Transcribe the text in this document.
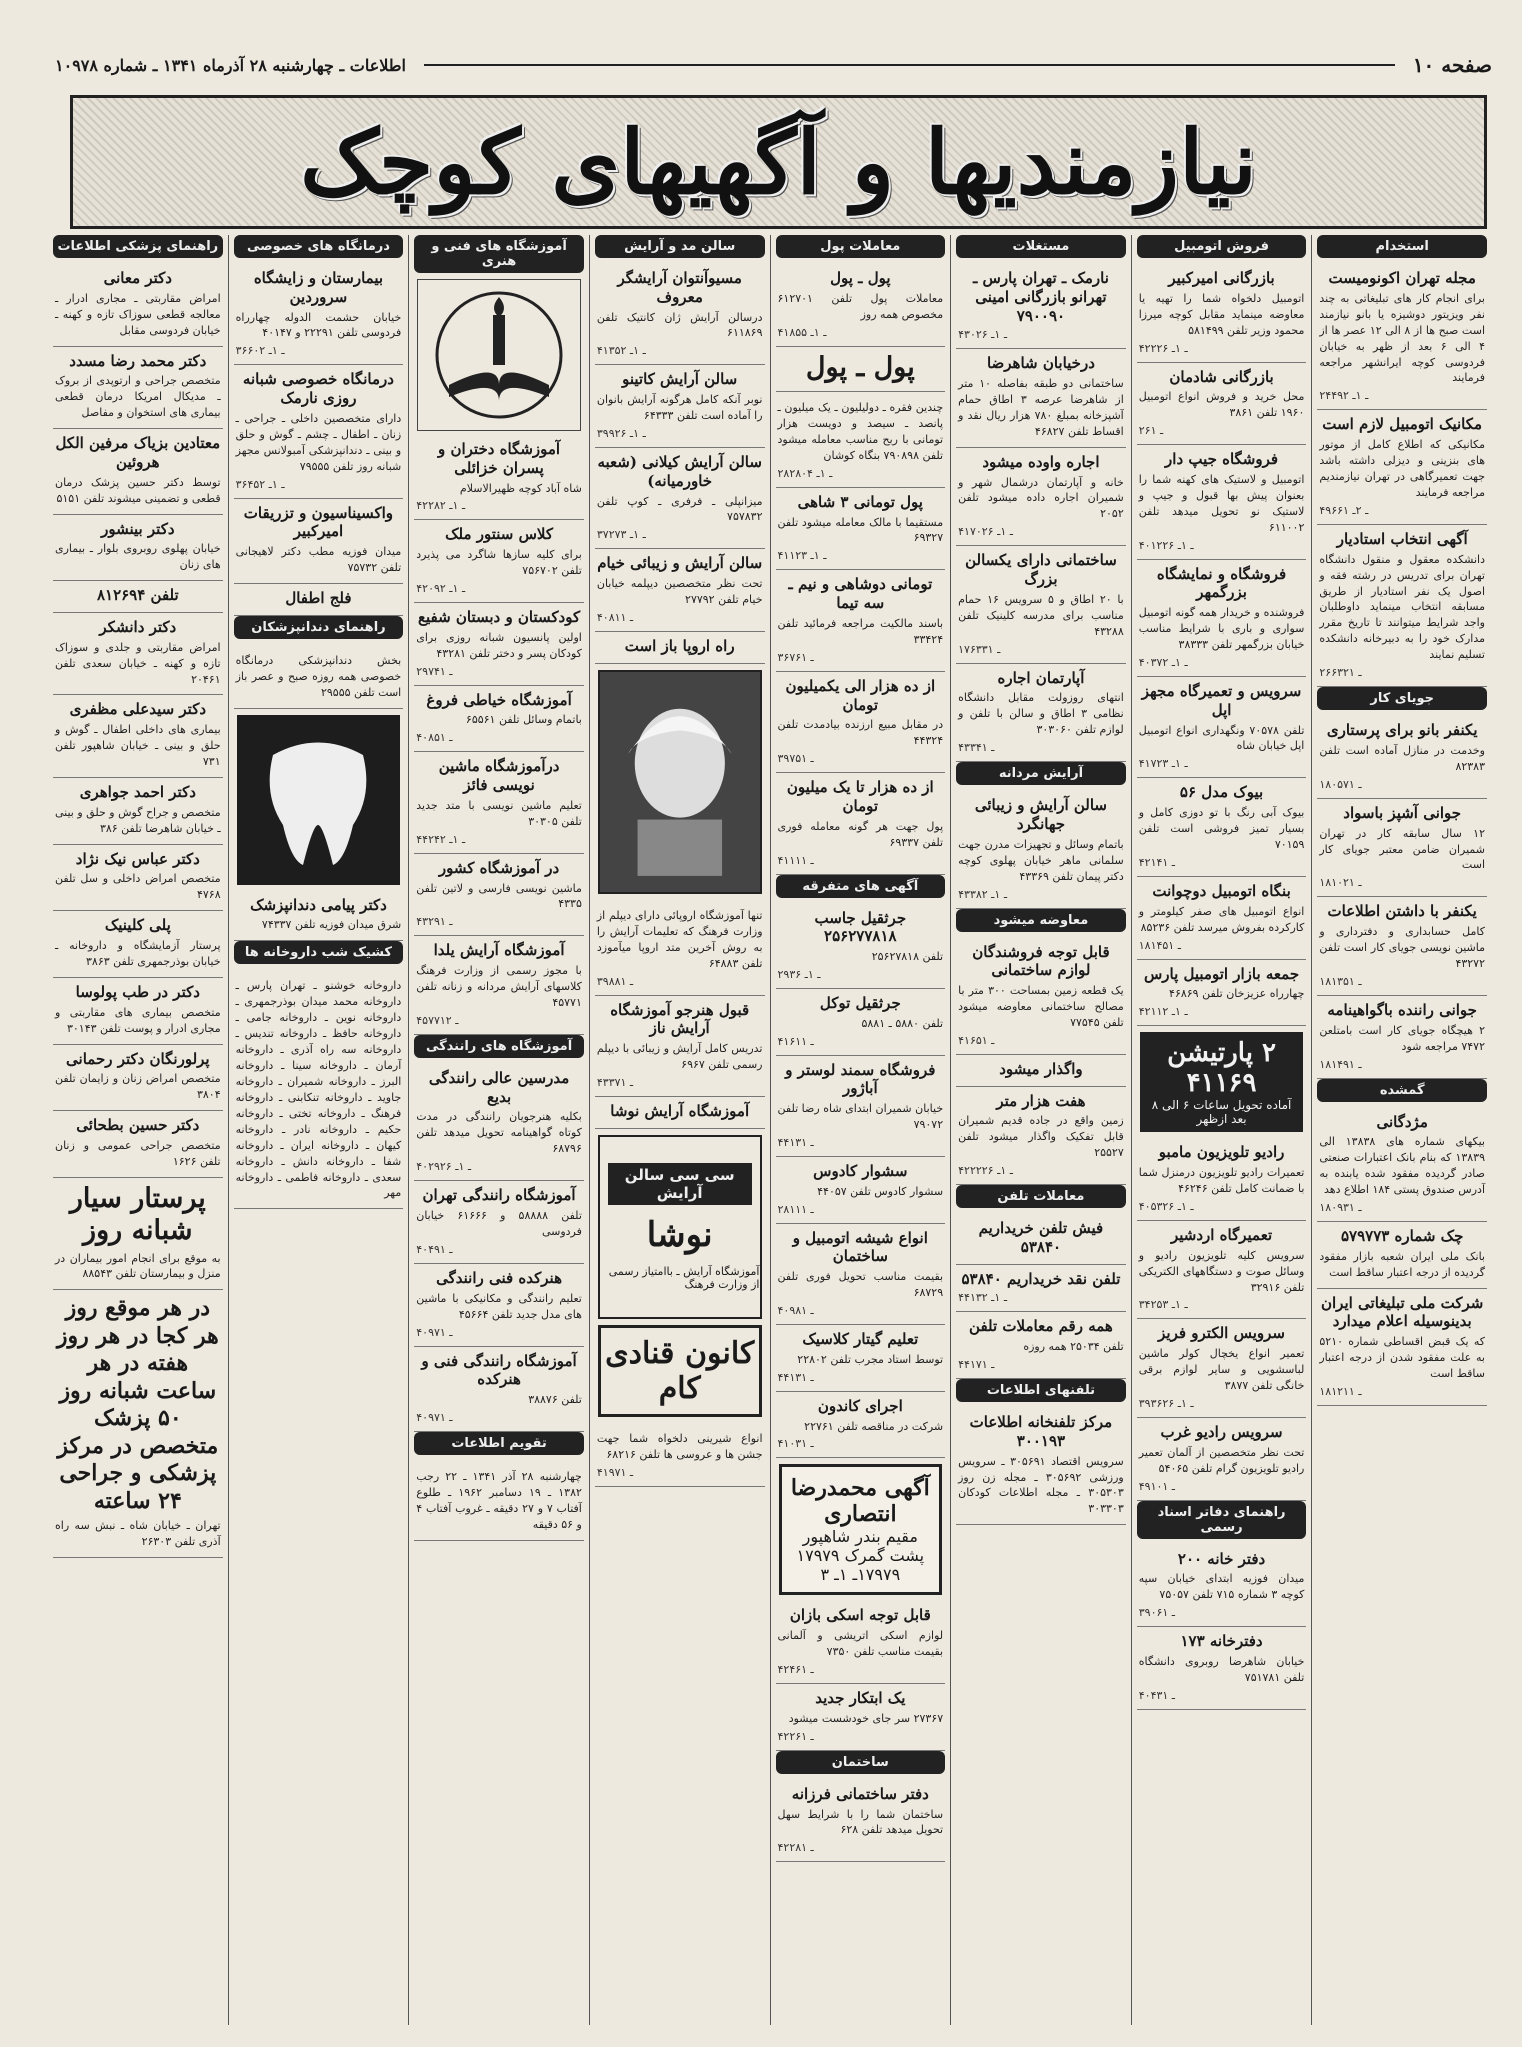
صفحه ۱۰
اطلاعات ـ چهارشنبه ۲۸ آذرماه ۱۳۴۱ ـ شماره ۱۰۹۷۸
نیازمندیها و آگهیهای کوچک
استخدام
مجله تهران اکونومیست
برای انجام کار های تبلیغاتی به چند نفر ویزیتور دوشیزه یا بانو نیازمند است صبح ها از ۸ الی ۱۲ عصر ها از ۴ الی ۶ بعد از ظهر به خیابان فردوسی کوچه ایرانشهر مراجعه فرمایند
۲۴۴۹ـ ۱ـ ۲
مکانیک اتومبیل لازم است
مکانیکی که اطلاع کامل از موتور های بنزینی و دیزلی داشته باشد جهت تعمیرگاهی در تهران نیازمندیم مراجعه فرمایند
۴۹۶۶ـ ۲ـ ۱
آگهی انتخاب استادیار
دانشکده معقول و منقول دانشگاه تهران برای تدریس در رشته فقه و اصول یک نفر استادیار از طریق مسابقه انتخاب مینماید داوطلبان واجد شرایط میتوانند تا تاریخ مقرر مدارک خود را به دبیرخانه دانشکده تسلیم نمایند
۲۶۶۳۲ـ ۱
جویای کار
یکنفر بانو برای پرستاری
وخدمت در منازل آماده است تلفن ۸۲۳۸۳
۱۸۰۵۷ـ ۱
جوانی آشپز باسواد
۱۲ سال سابقه کار در تهران شمیران ضامن معتبر جویای کار است
۱۸۱۰۲ـ ۱
یکنفر با داشتن اطلاعات
کامل حسابداری و دفترداری و ماشین نویسی جویای کار است تلفن ۴۳۲۷۲
۱۸۱۳۵ـ ۱
جوانی راننده باگواهینامه
۲ هیچگاه جویای کار است بامتلعن ۷۴۷۲ مراجعه شود
۱۸۱۴۹ـ ۱
گمشده
مژدگانی
بیکهای شماره های ۱۳۸۳۸ الی ۱۳۸۳۹ که بنام بانک اعتبارات صنعتی صادر گردیده مفقود شده یابنده به آدرس صندوق پستی ۱۸۴ اطلاع دهد
۱۸۰۹۳ـ ۱
چک شماره ۵۷۹۷۷۳
بانک ملی ایران شعبه بازار مفقود گردیده از درجه اعتبار ساقط است
شرکت ملی تبلیغاتی ایران بدینوسیله اعلام میدارد
که یک قبض اقساطی شماره ۵۲۱۰ به علت مفقود شدن از درجه اعتبار ساقط است
۱۸۱۲۱ـ ۱
فروش اتومبیل
بازرگانی امیرکبیر
اتومبیل دلخواه شما را تهیه یا معاوضه مینماید مقابل کوچه میرزا محمود وزیر تلفن ۵۸۱۴۹۹
۴۲۲ـ ۱ـ ۲۶
بازرگانی شادمان
محل خرید و فروش انواع اتومبیل ۱۹۶۰ تلفن ۳۸۶۱
۲۶ـ ۱
فروشگاه جیپ دار
اتومبیل و لاستیک های کهنه شما را بعنوان پیش بها قبول و جیپ و لاستیک نو تحویل میدهد تلفن ۶۱۱۰۰۲
۴۰۱۲ـ ۱ـ ۲۶
فروشگاه و نمایشگاه بزرگمهر
فروشنده و خریدار همه گونه اتومبیل سواری و باری با شرایط مناسب خیابان بزرگمهر تلفن ۳۸۳۳۳
۴۰۳۷ـ ۱ـ ۲
سرویس و تعمیرگاه مجهز اپل
تلفن ۷۰۵۷۸ ونگهداری انواع اتومبیل اپل خیابان شاه
۴۱۷۲ـ ۱ـ ۳
بیوک مدل ۵۶
بیوک آبی رنگ با تو دوزی کامل و بسیار تمیز فروشی است تلفن ۷۰۱۵۹
۴۲۱۴ـ ۱
بنگاه اتومبیل دوچوانت
انواع اتومبیل های صفر کیلومتر و کارکرده بفروش میرسد تلفن ۸۵۲۳۶
۱۸۱۴۵ـ ۱
جمعه بازار اتومبیل پارس
چهارراه عزیزخان تلفن ۴۶۸۶۹
۴۲۱۱ـ ۱ـ ۲
۲ پارتیشن ۴۱۱۶۹
آماده تحویل ساعات ۶ الی ۸ بعد ازظهر
رادیو تلویزیون مامبو
تعمیرات رادیو تلویزیون درمنزل شما با ضمانت کامل تلفن ۴۶۲۴۶
۴۰۵۳ـ ۱ـ ۲۶
تعمیرگاه اردشیر
سرویس کلیه تلویزیون رادیو و وسائل صوت و دستگاههای الکتریکی تلفن ۳۲۹۱۶
۳۴۲۵ـ ۱ـ ۳
سرویس الکترو فریز
تعمیر انواع یخچال کولر ماشین لباسشویی و سایر لوازم برقی خانگی تلفن ۳۸۷۷
۳۹۳۶ـ ۱ـ ۲۶
سرویس رادیو غرب
تحت نظر متخصصین از آلمان تعمیر رادیو تلویزیون گرام تلفن ۵۴۰۶۵
۴۹۱۰ـ ۱
راهنمای دفاتر اسناد رسمی
دفتر خانه ۲۰۰
میدان فوزیه ابتدای خیابان سپه کوچه ۳ شماره ۷۱۵ تلفن ۷۵۰۵۷
۳۹۰۶ـ ۱
دفترخانه ۱۷۳
خیابان شاهرضا روبروی دانشگاه تلفن ۷۵۱۷۸۱
۴۰۴۳ـ ۱
مستغلات
نارمک ـ تهران پارس ـ تهرانو بازرگانی امینی ۷۹۰۰۹۰
۴۳۰ـ ۱ـ ۲۶
درخیابان شاهرضا
ساختمانی دو طبقه بفاصله ۱۰ متر از شاهرضا عرصه ۳ اطاق حمام آشپزخانه بمبلغ ۷۸۰ هزار ریال نقد و اقساط تلفن ۴۶۸۲۷
اجاره واوده میشود
خانه و آپارتمان درشمال شهر و شمیران اجاره داده میشود تلفن ۲۰۵۲
۴۱۷۰ـ ۱ـ ۲۶
ساختمانی دارای یکسالن بزرگ
با ۲۰ اطاق و ۵ سرویس ۱۶ حمام مناسب برای مدرسه کلینیک تلفن ۴۳۲۸۸
۱۷۶۳۳ـ ۱
آپارتمان اجاره
انتهای روزولت مقابل دانشگاه نظامی ۳ اطاق و سالن با تلفن و لوازم تلفن ۳۰۳۰۶۰
۴۳۳۴ـ ۱
آرایش مردانه
سالن آرایش و زیبائی جهانگرد
باتمام وسائل و تجهیزات مدرن جهت سلمانی ماهر خیابان پهلوی کوچه دکتر پیمان تلفن ۴۳۳۶۹
۴۳۳۸ـ ۱ـ ۲
معاوضه میشود
قابل توجه فروشندگان لوازم ساختمانی
یک قطعه زمین بمساحت ۳۰۰ متر با مصالح ساختمانی معاوضه میشود تلفن ۷۷۵۴۵
۴۱۶۵ـ ۱
واگذار میشود
هفت هزار متر
زمین واقع در جاده قدیم شمیران قابل تفکیک واگذار میشود تلفن ۲۵۵۲۷
۴۲۲۲ـ ۱ـ ۲۶
معاملات تلفن
فیش تلفن خریداریم ۵۳۸۴۰
تلفن نقد خریداریم ۵۳۸۴۰
۴۴۱۳ـ ۱ـ ۲
همه رقم معاملات تلفن
تلفن ۲۵۰۳۴ همه روزه
۴۴۱۷ـ ۱
تلفنهای اطلاعات
مرکز تلفنخانه اطلاعات ۳۰۰۱۹۳
سرویس اقتصاد ۳۰۵۶۹۱ ـ سرویس ورزشی ۳۰۵۶۹۲ ـ مجله زن روز ۳۰۵۳۰۳ ـ مجله اطلاعات کودکان ۳۰۳۳۰۳
معاملات پول
پول ـ پول
معاملات پول تلفن ۶۱۲۷۰۱ مخصوص همه روز
۴۱۸۵ـ ۱ـ ۵
پول ـ پول
چندین فقره ـ دولیلیون ـ یک میلیون ـ پانصد ـ سیصد و دویست هزار تومانی با ربح مناسب معامله میشود تلفن ۷۹۰۸۹۸ بنگاه کوشان
۲۸۲۸۰ـ ۱ـ ۴
پول تومانی ۳ شاهی
مستقیما با مالک معامله میشود تلفن ۶۹۳۲۷
۴۱۱۲ـ ۱ـ ۳
تومانی دوشاهی و نیم ـ سه تیما
باسند مالکیت مراجعه فرمائید تلفن ۳۳۴۲۴
۳۶۷۶ـ ۱
از ده هزار الی یکمیلیون تومان
در مقابل مبیع ارزنده بیادمدت تلفن ۴۴۳۲۴
۳۹۷۵ـ ۱
از ده هزار تا یک میلیون تومان
پول جهت هر گونه معامله فوری تلفن ۶۹۳۳۷
۴۱۱۱ـ ۱
آگهی های متفرقه
جرثقیل جاسب ۲۵۶۲۷۷۸۱۸
تلفن ۲۵۶۲۷۸۱۸
۲۹۳ـ ۱ـ ۶
جرثقیل توکل
تلفن ۵۸۸۰ ـ ۵۸۸۱
۴۱۶۱ـ ۱
فروشگاه سمند لوستر و آباژور
خیابان شمیران ابتدای شاه رضا تلفن ۷۹۰۷۲
۴۴۱۳ـ ۱
سشوار کادوس
سشوار کادوس تلفن ۴۴۰۵۷
۲۸۱۱ـ ۱
انواع شیشه اتومبیل و ساختمان
بقیمت مناسب تحویل فوری تلفن ۶۸۷۲۹
۴۰۹۸ـ ۱
تعلیم گیتار کلاسیک
توسط استاد مجرب تلفن ۲۲۸۰۲
۴۴۱۳ـ ۱
اجرای کاندون
شرکت در مناقصه تلفن ۲۲۷۶۱
۴۱۰۳ـ ۱
آگهی محمدرضا انتصاری
مقیم بندر شاهپور پشت گمرک ۱۷۹۷۹
۱۷۹۷۹ـ ۱ـ ۳
قابل توجه اسکی بازان
لوازم اسکی اتریشی و آلمانی بقیمت مناسب تلفن ۷۳۵۰
۴۲۴۶ـ ۱
یک ابتکار جدید
۲۷۳۶۷ سر جای خودشست میشود
۴۲۲۶ـ ۱
ساختمان
دفتر ساختمانی فرزانه
ساختمان شما را با شرایط سهل تحویل میدهد تلفن ۶۲۸
۴۲۲۸ـ ۱
سالن مد و آرایش
مسیوآنتوان آرایشگر معروف
درسالن آرایش ژان کانتیک تلفن ۶۱۱۸۶۹
۴۱۳۵ـ ۱ـ ۲
سالن آرایش کاتینو
نوبر آنکه کامل هرگونه آرایش بانوان را آماده است تلفن ۶۴۳۳۳
۳۹۹ـ ۱ـ ۲۶
سالن آرایش کیلانی (شعبه خاورمیانه)
میزانپلی ـ فرفری ـ کوپ تلفن ۷۵۷۸۳۲
۳۷۲۷ـ ۱ـ ۳
سالن آرایش و زیبائی خیام
تحت نظر متخصصین دیپلمه خیابان خیام تلفن ۲۷۷۹۲
۴۰۸۱ـ ۱
راه اروپا باز است
تنها آموزشگاه اروپائی دارای دیپلم از وزارت فرهنگ که تعلیمات آرایش را به روش آخرین متد اروپا میآموزد تلفن ۶۴۸۸۳
۳۹۸۸ـ ۱
قبول هنرجو آموزشگاه آرایش ناز
تدریس کامل آرایش و زیبائی با دیپلم رسمی تلفن ۶۹۶۷
۴۳۳۷ـ ۱
آموزشگاه آرایش نوشا
سی سی سالن آرایش
نوشا
آموزشگاه آرایش ـ باامتیاز رسمی از وزارت فرهنگ
کانون قنادی کام
انواع شیرینی دلخواه شما جهت جشن ها و عروسی ها تلفن ۶۸۲۱۶
۴۱۹۷ـ ۱
آموزشگاه های فنی و هنری
آموزشگاه دختران و پسران خزائلی
شاه آباد کوچه ظهیرالاسلام
۴۲۲۸ـ ۱ـ ۲
کلاس سنتور ملک
برای کلیه سازها شاگرد می پذیرد تلفن ۷۵۶۷۰۲
۴۲۰۹ـ ۱ـ ۲
کودکستان و دبستان شفیع
اولین پانسیون شبانه روزی برای کودکان پسر و دختر تلفن ۴۳۲۸۱
۲۹۷۴ـ ۱
آموزشگاه خیاطی فروغ
باتمام وسائل تلفن ۶۵۵۶۱
۴۰۸۵ـ ۱
درآموزشگاه ماشین نویسی فائز
تعلیم ماشین نویسی با متد جدید تلفن ۳۰۳۰۵
۴۴۲۴ـ ۱ـ ۲
در آموزشگاه کشور
ماشین نویسی فارسی و لاتین تلفن ۴۳۳۵
۴۳۲۹ـ ۱
آموزشگاه آرایش یلدا
با مجوز رسمی از وزارت فرهنگ کلاسهای آرایش مردانه و زنانه تلفن ۴۵۷۷۱
۴۵۷۷۱ـ ۲
آموزشگاه های رانندگی
مدرسین عالی رانندگی بدیع
بکلیه هنرجویان رانندگی در مدت کوتاه گواهینامه تحویل میدهد تلفن ۶۸۷۹۶
۴۰۲۹ـ ۱ـ ۲۶
آموزشگاه رانندگی تهران
تلفن ۵۸۸۸۸ و ۶۱۶۶۶ خیابان فردوسی
۴۰۴۹ـ ۱
هنرکده فنی رانندگی
تعلیم رانندگی و مکانیکی با ماشین های مدل جدید تلفن ۴۵۶۶۴
۴۰۹۷ـ ۱
آموزشگاه رانندگی فنی و هنرکده
تلفن ۳۸۸۷۶
۴۰۹۷ـ ۱
تقویم اطلاعات
چهارشنبه ۲۸ آذر ۱۳۴۱ ـ ۲۲ رجب ۱۳۸۲ ـ ۱۹ دسامبر ۱۹۶۲ ـ طلوع آفتاب ۷ و ۲۷ دقیقه ـ غروب آفتاب ۴ و ۵۶ دقیقه
درمانگاه های خصوصی
بیمارستان و زایشگاه سروردین
خیابان حشمت الدوله چهارراه فردوسی تلفن ۲۲۲۹۱ و ۴۰۱۴۷
۳۶۶۰ـ ۱ـ ۲
درمانگاه خصوصی شبانه روزی نارمک
دارای متخصصین داخلی ـ جراحی ـ زنان ـ اطفال ـ چشم ـ گوش و حلق و بینی ـ دندانپزشکی آمبولانس مجهز شبانه روز تلفن ۷۹۵۵۵
۳۶۴۵ـ ۱ـ ۲
واکسیناسیون و تزریقات امیرکبیر
میدان فوزیه مطب دکتر لاهیجانی تلفن ۷۵۷۳۲
فلج اطفال
راهنمای دندانپزشکان
بخش دندانپزشکی درمانگاه خصوصی همه روزه صبح و عصر باز است تلفن ۲۹۵۵۵
دکتر پیامی دندانپزشک
شرق میدان فوزیه تلفن ۷۴۳۳۷
کشیک شب داروخانه ها
داروخانه خوشنو ـ تهران پارس ـ داروخانه محمد میدان بوذرجمهری ـ داروخانه نوین ـ داروخانه جامی ـ داروخانه حافظ ـ داروخانه تندیس ـ داروخانه سه راه آذری ـ داروخانه آرمان ـ داروخانه سینا ـ داروخانه البرز ـ داروخانه شمیران ـ داروخانه جاوید ـ داروخانه تنکابنی ـ داروخانه فرهنگ ـ داروخانه تختی ـ داروخانه حکیم ـ داروخانه نادر ـ داروخانه کیهان ـ داروخانه ایران ـ داروخانه شفا ـ داروخانه دانش ـ داروخانه سعدی ـ داروخانه فاطمی ـ داروخانه مهر
راهنمای پزشکی اطلاعات
دکتر معانی
امراض مقاربتی ـ مجاری ادرار ـ معالجه قطعی سوزاک تازه و کهنه ـ خیابان فردوسی مقابل
دکتر محمد رضا مسدد
متخصص جراحی و ارتوپدی از بروک ـ مدیکال امریکا درمان قطعی بیماری های استخوان و مفاصل
معتادین بزیاک مرفین الکل هروئین
توسط دکتر حسین پزشک درمان قطعی و تضمینی میشوند تلفن ۵۱۵۱
دکتر بینشور
خیابان پهلوی روبروی بلوار ـ بیماری های زنان
تلفن ۸۱۲۶۹۴
دکتر دانشکر
امراض مقاربتی و جلدی و سوزاک تازه و کهنه ـ خیابان سعدی تلفن ۲۰۴۶۱
دکتر سیدعلی مظفری
بیماری های داخلی اطفال ـ گوش و حلق و بینی ـ خیابان شاهپور تلفن ۷۳۱
دکتر احمد جواهری
متخصص و جراح گوش و حلق و بینی ـ خیابان شاهرضا تلفن ۳۸۶
دکتر عباس نیک نژاد
متخصص امراض داخلی و سل تلفن ۴۷۶۸
پلی کلینیک
پرستار آزمایشگاه و داروخانه ـ خیابان بوذرجمهری تلفن ۳۸۶۳
دکتر در طب پولوسا
متخصص بیماری های مقاربتی و مجاری ادرار و پوست تلفن ۳۰۱۴۳
پرلورنگان دکتر رحمانی
متخصص امراض زنان و زایمان تلفن ۳۸۰۴
دکتر حسین بطحائی
متخصص جراحی عمومی و زنان تلفن ۱۶۲۶
پرستار سیار شبانه روز
به موقع برای انجام امور بیماران در منزل و بیمارستان تلفن ۸۸۵۴۳
در هر موقع روز هر کجا در هر روز هفته در هر ساعت شبانه روز ۵۰ پزشک متخصص در مرکز پزشکی و جراحی ۲۴ ساعته
تهران ـ خیابان شاه ـ نبش سه راه آذری تلفن ۲۶۳۰۳
